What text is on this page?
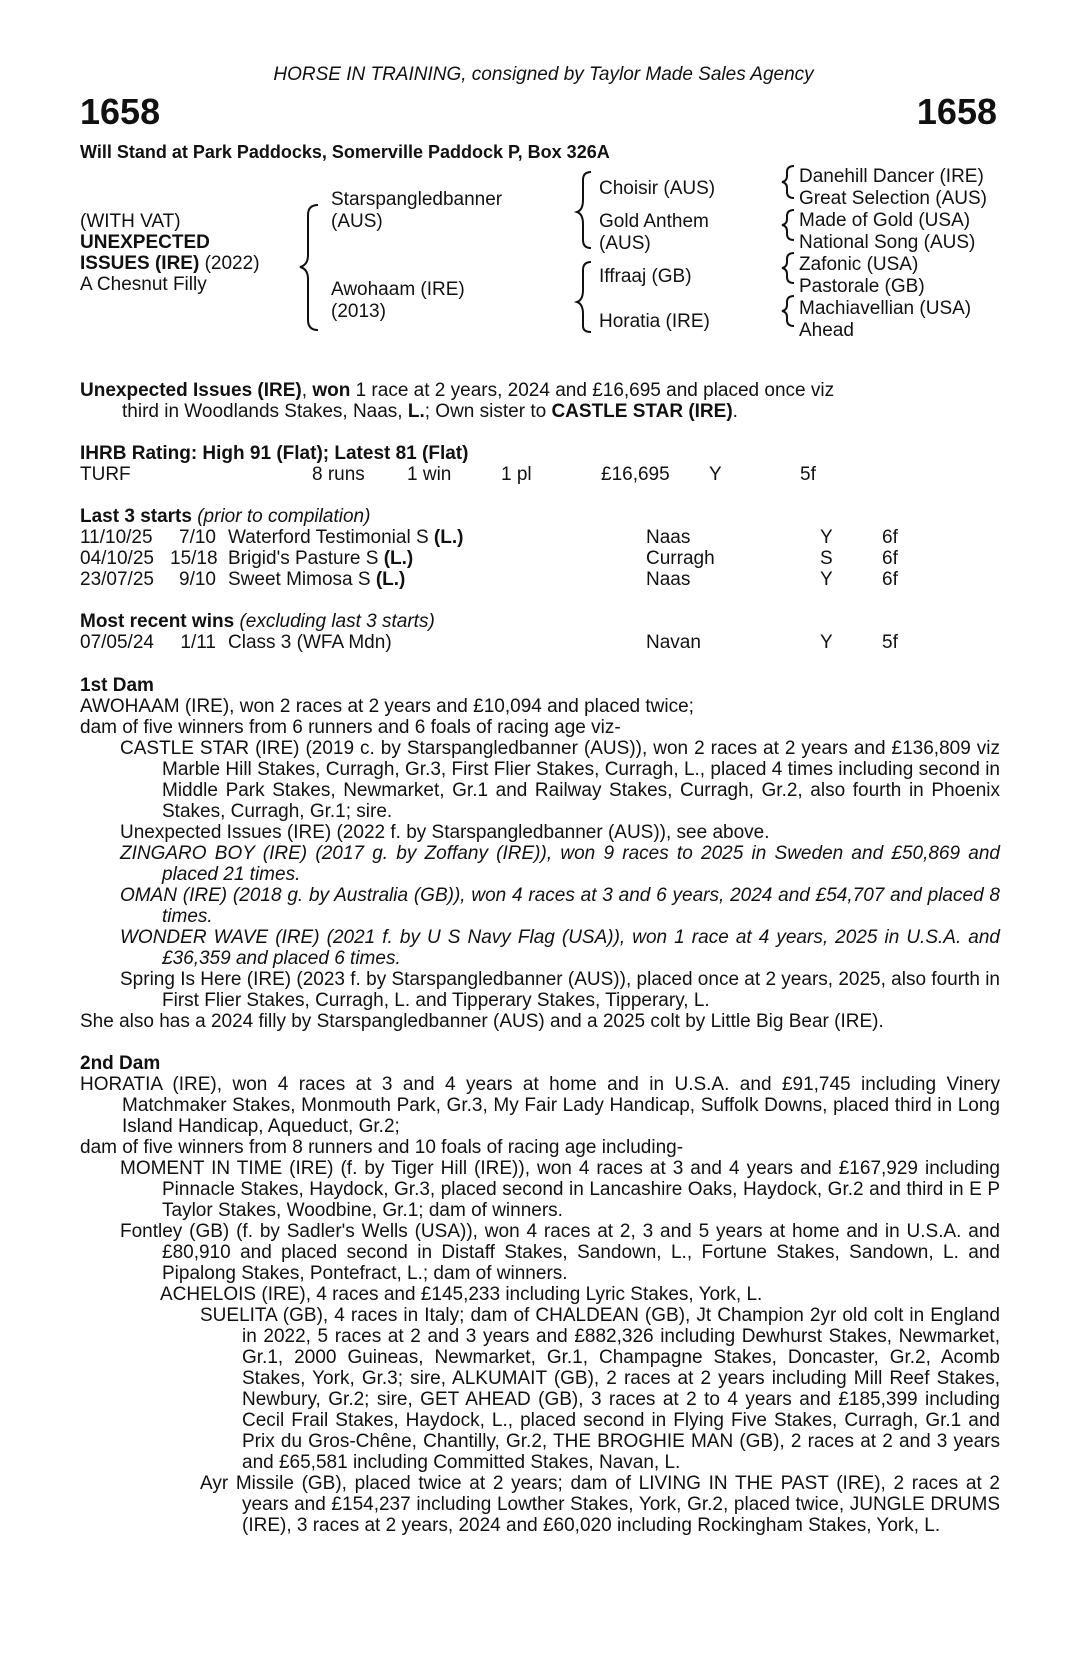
HORSE IN TRAINING, consigned by Taylor Made Sales Agency
1658	1658
Will Stand at Park Paddocks, Somerville Paddock P, Box 326A
(WITH VAT)
UNEXPECTED
ISSUES (IRE) (2022)
A Chesnut Filly
Starspangledbanner
(AUS)
Awohaam (IRE)
(2013)
Choisir (AUS)
Gold Anthem
(AUS)
Iffraaj (GB)
Horatia (IRE)
Danehill Dancer (IRE)
Great Selection (AUS)
Made of Gold (USA)
National Song (AUS)
Zafonic (USA)
Pastorale (GB)
Machiavellian (USA)
Ahead

Unexpected Issues (IRE), won 1 race at 2 years, 2024 and £16,695 and placed once viz
third in Woodlands Stakes, Naas, L.; Own sister to CASTLE STAR (IRE).

IHRB Rating: High 91 (Flat); Latest 81 (Flat)

TURF	8 runs 1 win	1 pl	£16,695 Y	5f

Last 3 starts (prior to compilation)

11/10/25	7/10 Waterford Testimonial S (L.)	Naas	Y	6f
04/10/25 15/18 Brigid's Pasture S (L.)	Curragh	S	6f
23/07/25	9/10 Sweet Mimosa S (L.)	Naas	Y	6f

Most recent wins (excluding last 3 starts)

07/05/24	1/11 Class 3 (WFA Mdn)	Navan	Y	5f

1st Dam

AWOHAAM (IRE), won 2 races at 2 years and £10,094 and placed twice;

dam of five winners from 6 runners and 6 foals of racing age viz-

CASTLE STAR (IRE) (2019 c. by Starspangledbanner (AUS)), won 2 races at 2 years and £136,809 viz Marble Hill Stakes, Curragh, Gr.3, First Flier Stakes, Curragh, L., placed 4 times including second in Middle Park Stakes, Newmarket, Gr.1 and Railway Stakes, Curragh, Gr.2, also fourth in Phoenix Stakes, Curragh, Gr.1; sire.

Unexpected Issues (IRE) (2022 f. by Starspangledbanner (AUS)), see above.

ZINGARO BOY (IRE) (2017 g. by Zoffany (IRE)), won 9 races to 2025 in Sweden and £50,869 and placed 21 times.

OMAN (IRE) (2018 g. by Australia (GB)), won 4 races at 3 and 6 years, 2024 and £54,707 and placed 8 times.

WONDER WAVE (IRE) (2021 f. by U S Navy Flag (USA)), won 1 race at 4 years, 2025 in U.S.A. and £36,359 and placed 6 times.

Spring Is Here (IRE) (2023 f. by Starspangledbanner (AUS)), placed once at 2 years, 2025, also fourth in First Flier Stakes, Curragh, L. and Tipperary Stakes, Tipperary, L.

She also has a 2024 filly by Starspangledbanner (AUS) and a 2025 colt by Little Big Bear (IRE).

2nd Dam

HORATIA (IRE), won 4 races at 3 and 4 years at home and in U.S.A. and £91,745 including Vinery Matchmaker Stakes, Monmouth Park, Gr.3, My Fair Lady Handicap, Suffolk Downs, placed third in Long Island Handicap, Aqueduct, Gr.2;

dam of five winners from 8 runners and 10 foals of racing age including-

MOMENT IN TIME (IRE) (f. by Tiger Hill (IRE)), won 4 races at 3 and 4 years and £167,929 including Pinnacle Stakes, Haydock, Gr.3, placed second in Lancashire Oaks, Haydock, Gr.2 and third in E P Taylor Stakes, Woodbine, Gr.1; dam of winners.

Fontley (GB) (f. by Sadler's Wells (USA)), won 4 races at 2, 3 and 5 years at home and in U.S.A. and £80,910 and placed second in Distaff Stakes, Sandown, L., Fortune Stakes, Sandown, L. and Pipalong Stakes, Pontefract, L.; dam of winners.

ACHELOIS (IRE), 4 races and £145,233 including Lyric Stakes, York, L.

SUELITA (GB), 4 races in Italy; dam of CHALDEAN (GB), Jt Champion 2yr old colt in England in 2022, 5 races at 2 and 3 years and £882,326 including Dewhurst Stakes, Newmarket, Gr.1, 2000 Guineas, Newmarket, Gr.1, Champagne Stakes, Doncaster, Gr.2, Acomb Stakes, York, Gr.3; sire, ALKUMAIT (GB), 2 races at 2 years including Mill Reef Stakes, Newbury, Gr.2; sire, GET AHEAD (GB), 3 races at 2 to 4 years and £185,399 including Cecil Frail Stakes, Haydock, L., placed second in Flying Five Stakes, Curragh, Gr.1 and Prix du Gros-Chêne, Chantilly, Gr.2, THE BROGHIE MAN (GB), 2 races at 2 and 3 years and £65,581 including Committed Stakes, Navan, L.

Ayr Missile (GB), placed twice at 2 years; dam of LIVING IN THE PAST (IRE), 2 races at 2 years and £154,237 including Lowther Stakes, York, Gr.2, placed twice, JUNGLE DRUMS (IRE), 3 races at 2 years, 2024 and £60,020 including Rockingham Stakes, York, L.
